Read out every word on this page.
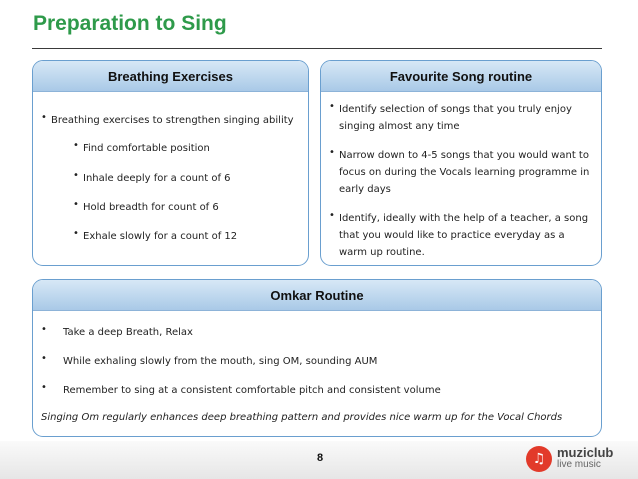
Preparation to Sing
Breathing Exercises
• Breathing exercises to strengthen singing ability
• Find comfortable position
• Inhale deeply for a count of 6
• Hold breadth for count of 6
• Exhale slowly for a count of 12
Favourite Song routine
• Identify selection of songs that you truly enjoy singing almost any time
• Narrow down to 4-5 songs that you would want to focus on during the Vocals learning programme in early days
• Identify, ideally with the help of a teacher, a song that you would like to practice everyday as a warm up routine.
Omkar Routine
•	Take a deep Breath, Relax
•	While exhaling slowly from the mouth, sing OM, sounding AUM
•	Remember to sing at a consistent comfortable pitch and consistent volume
Singing Om regularly enhances deep breathing pattern and provides nice warm up for the Vocal Chords
8	♫ muziclub
live music
